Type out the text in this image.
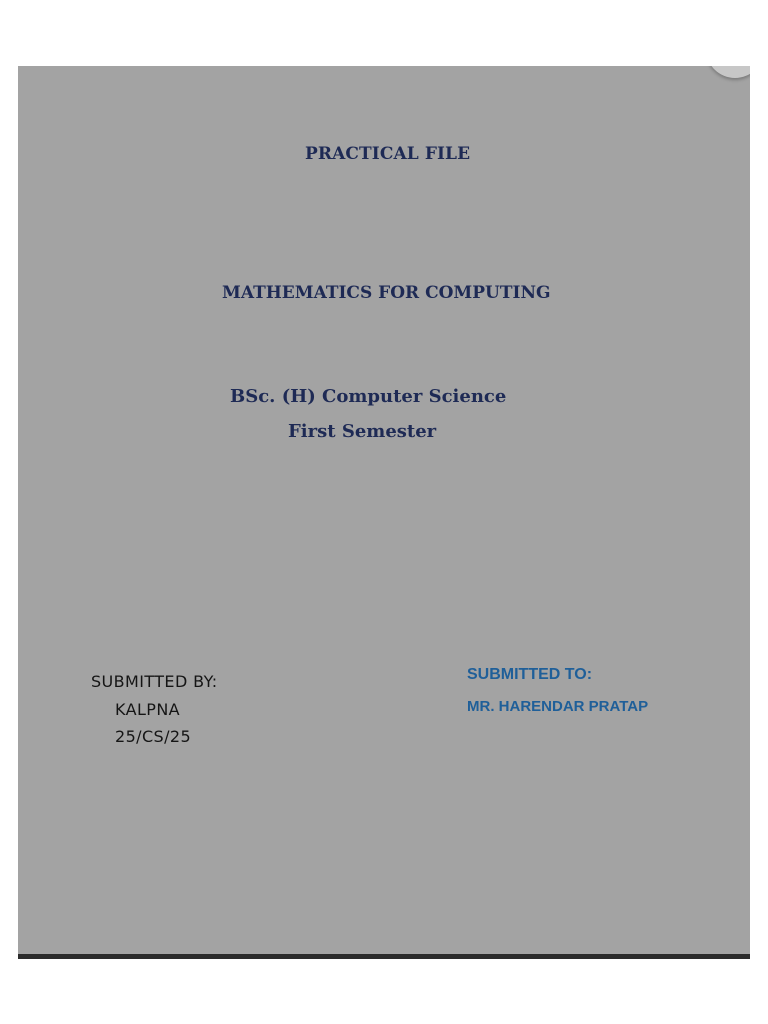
PRACTICAL FILE
MATHEMATICS FOR COMPUTING
BSc. (H) Computer Science
First Semester
SUBMITTED BY:
KALPNA
25/CS/25
SUBMITTED TO:
MR. HARENDAR PRATAP
